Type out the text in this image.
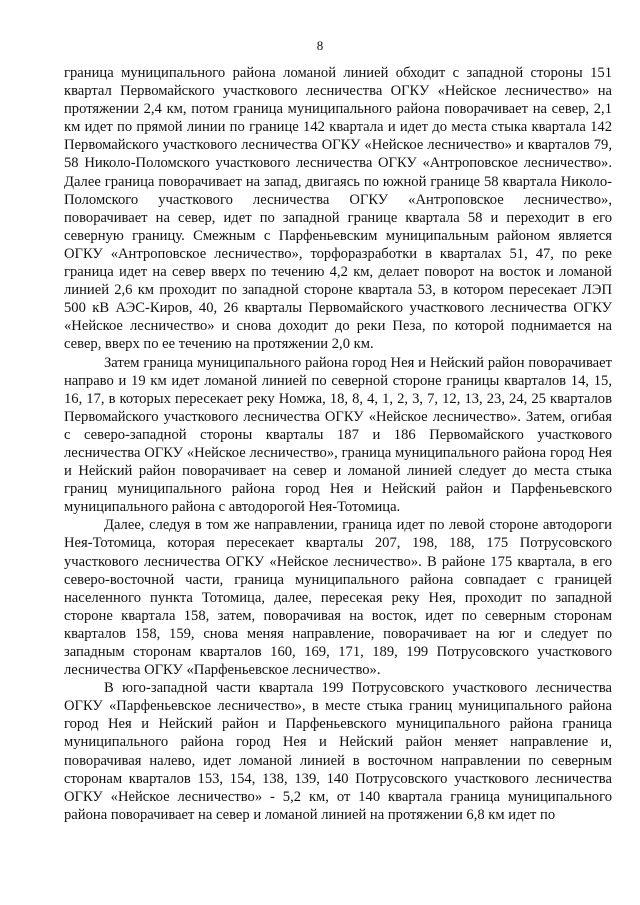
8

граница муниципального района ломаной линией обходит с западной стороны 151 квартал Первомайского участкового лесничества ОГКУ «Нейское лесничество» на протяжении 2,4 км, потом граница муниципального района поворачивает на север, 2,1 км идет по прямой линии по границе 142 квартала и идет до места стыка квартала 142 Первомайского участкового лесничества ОГКУ «Нейское лесничество» и кварталов 79, 58 Николо-Поломского участкового лесничества ОГКУ «Антроповское лесничество». Далее граница поворачивает на запад, двигаясь по южной границе 58 квартала Николо-Поломского участкового лесничества ОГКУ «Антроповское лесничество», поворачивает на север, идет по западной границе квартала 58 и переходит в его северную границу. Смежным с Парфеньевским муниципальным районом является ОГКУ «Антроповское лесничество», торфоразработки в кварталах 51, 47, по реке граница идет на север вверх по течению 4,2 км, делает поворот на восток и ломаной линией 2,6 км проходит по западной стороне квартала 53, в котором пересекает ЛЭП 500 кВ АЭС-Киров, 40, 26 кварталы Первомайского участкового лесничества ОГКУ «Нейское лесничество» и снова доходит до реки Пеза, по которой поднимается на север, вверх по ее течению на протяжении 2,0 км.

Затем граница муниципального района город Нея и Нейский район поворачивает направо и 19 км идет ломаной линией по северной стороне границы кварталов 14, 15, 16, 17, в которых пересекает реку Номжа, 18, 8, 4, 1, 2, 3, 7, 12, 13, 23, 24, 25 кварталов Первомайского участкового лесничества ОГКУ «Нейское лесничество». Затем, огибая с северо-западной стороны кварталы 187 и 186 Первомайского участкового лесничества ОГКУ «Нейское лесничество», граница муниципального района город Нея и Нейский район поворачивает на север и ломаной линией следует до места стыка границ муниципального района город Нея и Нейский район и Парфеньевского муниципального района с автодорогой Нея-Тотомица.

Далее, следуя в том же направлении, граница идет по левой стороне автодороги Нея-Тотомица, которая пересекает кварталы 207, 198, 188, 175 Потрусовского участкового лесничества ОГКУ «Нейское лесничество». В районе 175 квартала, в его северо-восточной части, граница муниципального района совпадает с границей населенного пункта Тотомица, далее, пересекая реку Нея, проходит по западной стороне квартала 158, затем, поворачивая на восток, идет по северным сторонам кварталов 158, 159, снова меняя направление, поворачивает на юг и следует по западным сторонам кварталов 160, 169, 171, 189, 199 Потрусовского участкового лесничества ОГКУ «Парфеньевское лесничество».

В юго-западной части квартала 199 Потрусовского участкового лесничества ОГКУ «Парфеньевское лесничество», в месте стыка границ муниципального района город Нея и Нейский район и Парфеньевского муниципального района граница муниципального района город Нея и Нейский район меняет направление и, поворачивая налево, идет ломаной линией в восточном направлении по северным сторонам кварталов 153, 154, 138, 139, 140 Потрусовского участкового лесничества ОГКУ «Нейское лесничество» - 5,2 км, от 140 квартала граница муниципального района поворачивает на север и ломаной линией на протяжении 6,8 км идет по
